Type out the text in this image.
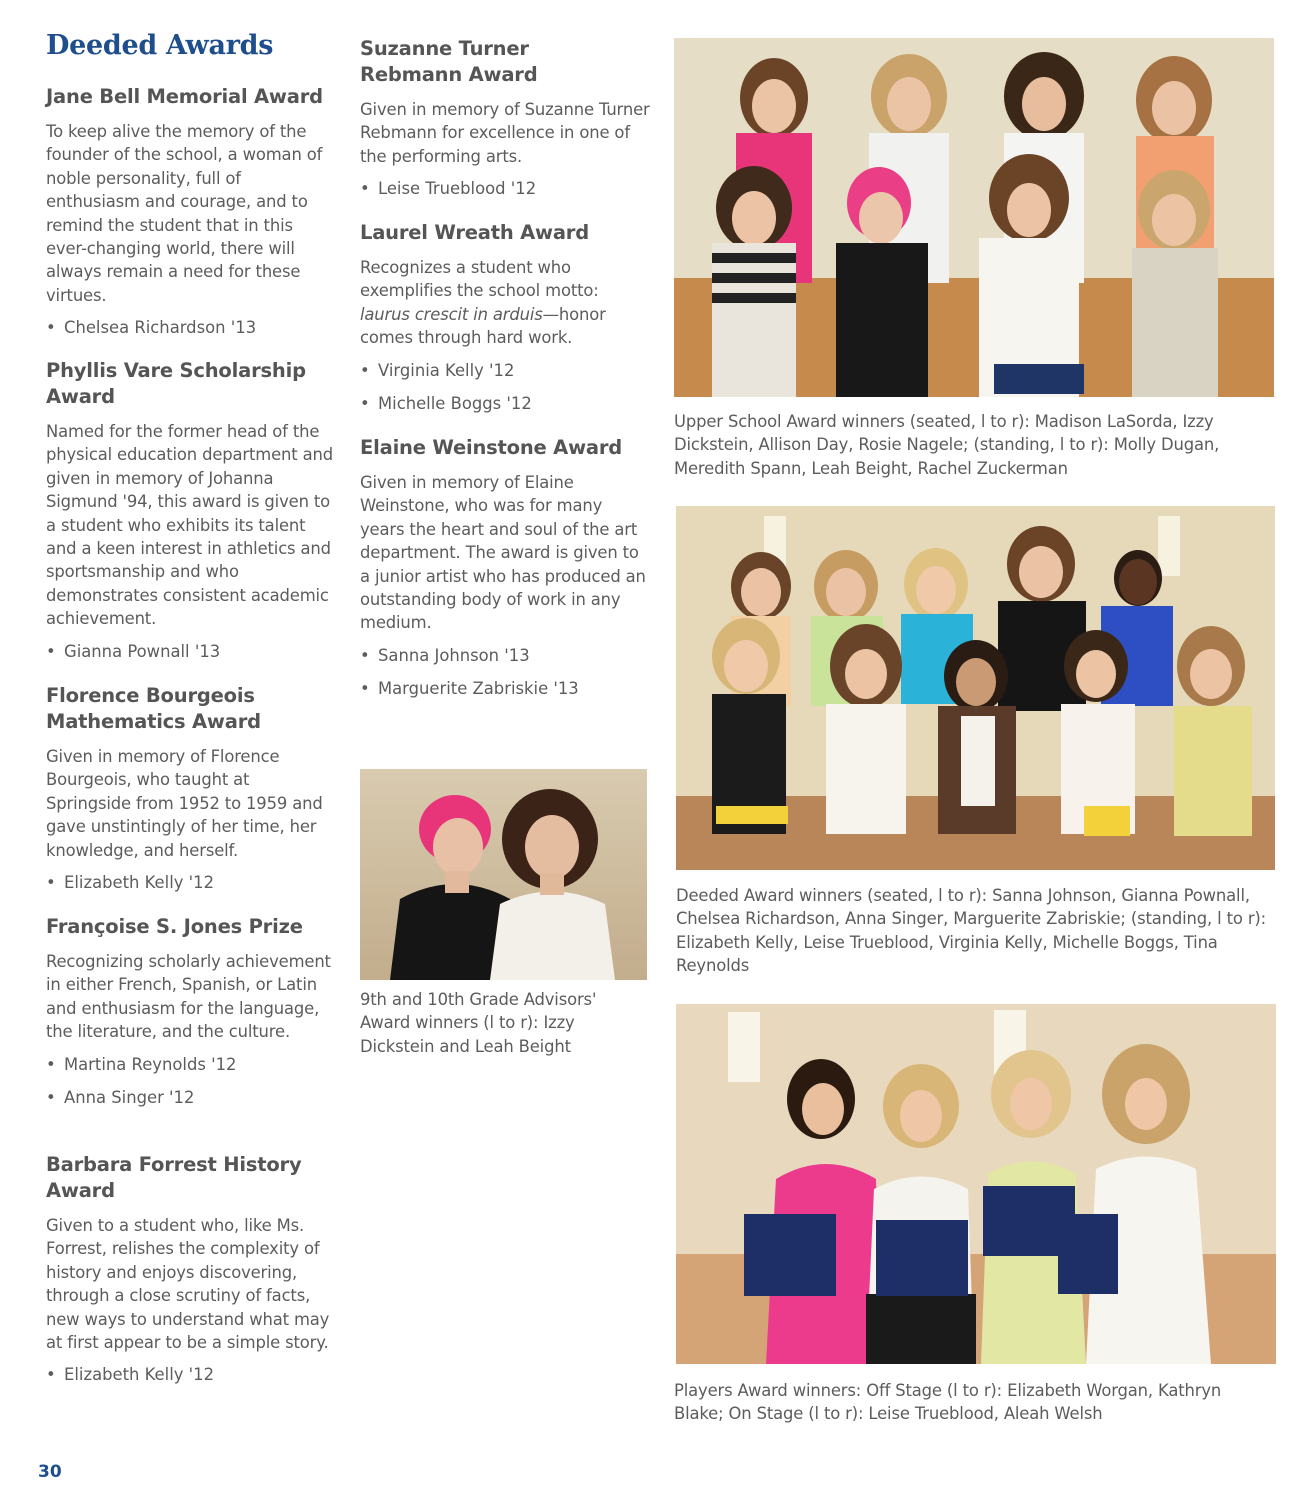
Deeded Awards
Jane Bell Memorial Award

To keep alive the memory of the founder of the school, a woman of noble personality, full of enthusiasm and courage, and to remind the student that in this ever-changing world, there will always remain a need for these virtues.

• Chelsea Richardson '13
Phyllis Vare Scholarship Award

Named for the former head of the physical education department and given in memory of Johanna Sigmund '94, this award is given to a student who exhibits its talent and a keen interest in athletics and sportsmanship and who demonstrates consistent academic achievement.

• Gianna Pownall '13
Florence Bourgeois Mathematics Award

Given in memory of Florence Bourgeois, who taught at Springside from 1952 to 1959 and gave unstintingly of her time, her knowledge, and herself.

• Elizabeth Kelly '12
Françoise S. Jones Prize

Recognizing scholarly achievement in either French, Spanish, or Latin and enthusiasm for the language, the literature, and the culture.

• Martina Reynolds '12
• Anna Singer '12
Barbara Forrest History Award

Given to a student who, like Ms. Forrest, relishes the complexity of history and enjoys discovering, through a close scrutiny of facts, new ways to understand what may at first appear to be a simple story.

• Elizabeth Kelly '12
Suzanne Turner Rebmann Award

Given in memory of Suzanne Turner Rebmann for excellence in one of the performing arts.

• Leise Trueblood '12
Laurel Wreath Award

Recognizes a student who exemplifies the school motto: laurus crescit in arduis—honor comes through hard work.

• Virginia Kelly '12
• Michelle Boggs '12
Elaine Weinstone Award

Given in memory of Elaine Weinstone, who was for many years the heart and soul of the art department. The award is given to a junior artist who has produced an outstanding body of work in any medium.

• Sanna Johnson '13
• Marguerite Zabriskie '13

9th and 10th Grade Advisors' Award winners (l to r): Izzy Dickstein and Leah Beight

Upper School Award winners (seated, l to r): Madison LaSorda, Izzy Dickstein, Allison Day, Rosie Nagele; (standing, l to r): Molly Dugan, Meredith Spann, Leah Beight, Rachel Zuckerman

Deeded Award winners (seated, l to r): Sanna Johnson, Gianna Pownall, Chelsea Richardson, Anna Singer, Marguerite Zabriskie; (standing, l to r): Elizabeth Kelly, Leise Trueblood, Virginia Kelly, Michelle Boggs, Tina Reynolds

Players Award winners: Off Stage (l to r): Elizabeth Worgan, Kathryn Blake; On Stage (l to r): Leise Trueblood, Aleah Welsh

30
